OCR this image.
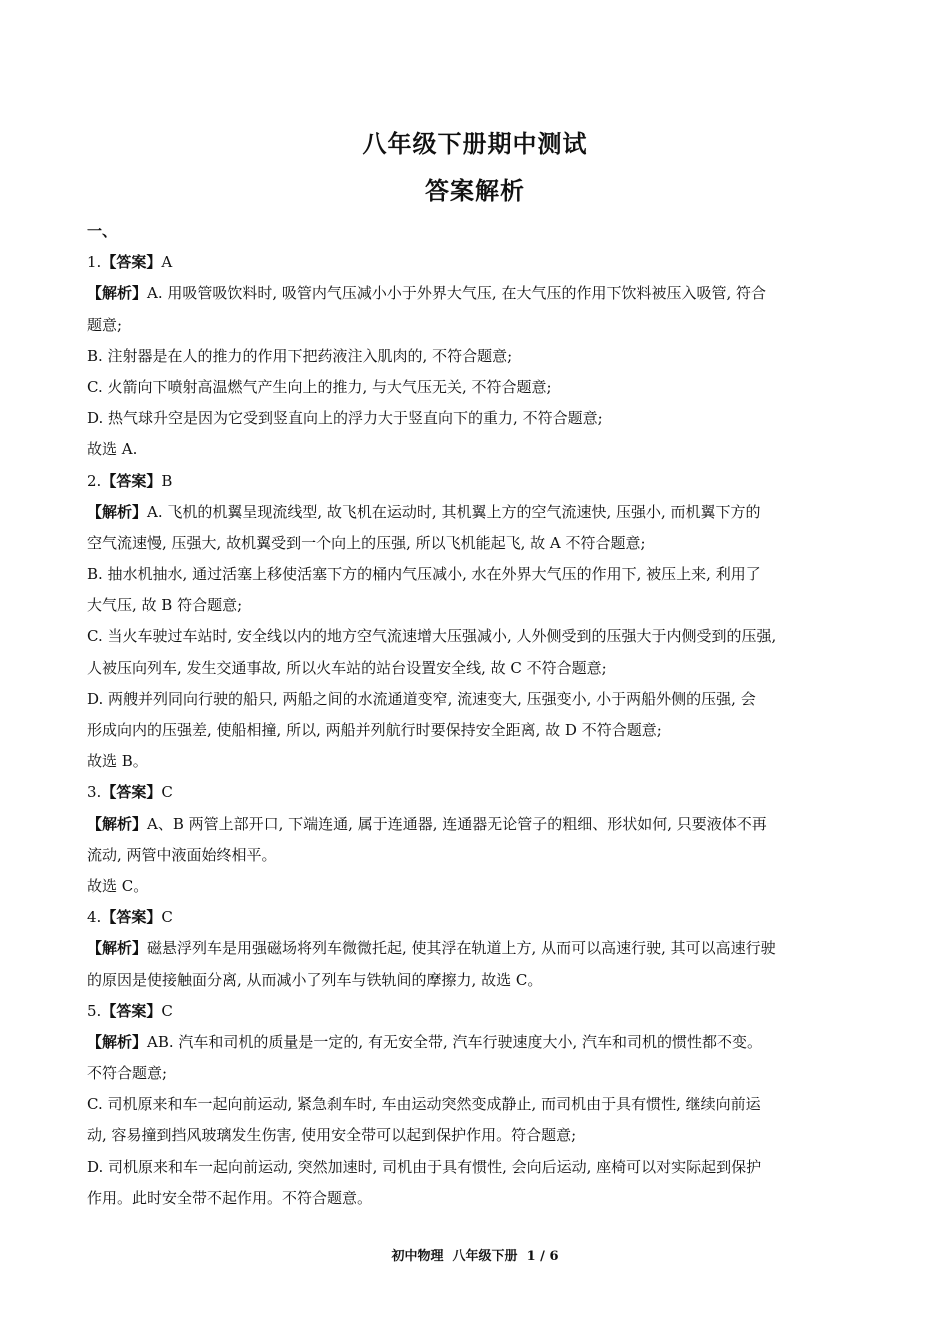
八年级下册期中测试
答案解析
一、
1.【答案】A
【解析】A. 用吸管吸饮料时, 吸管内气压减小小于外界大气压, 在大气压的作用下饮料被压入吸管, 符合
题意;
B. 注射器是在人的推力的作用下把药液注入肌肉的, 不符合题意;
C. 火箭向下喷射高温燃气产生向上的推力, 与大气压无关, 不符合题意;
D. 热气球升空是因为它受到竖直向上的浮力大于竖直向下的重力, 不符合题意;
故选 A.
2.【答案】B
【解析】A. 飞机的机翼呈现流线型, 故飞机在运动时, 其机翼上方的空气流速快, 压强小, 而机翼下方的
空气流速慢, 压强大, 故机翼受到一个向上的压强, 所以飞机能起飞, 故 A 不符合题意;
B. 抽水机抽水, 通过活塞上移使活塞下方的桶内气压减小, 水在外界大气压的作用下, 被压上来, 利用了
大气压, 故 B 符合题意;
C. 当火车驶过车站时, 安全线以内的地方空气流速增大压强减小, 人外侧受到的压强大于内侧受到的压强,
人被压向列车, 发生交通事故, 所以火车站的站台设置安全线, 故 C 不符合题意;
D. 两艘并列同向行驶的船只, 两船之间的水流通道变窄, 流速变大, 压强变小, 小于两船外侧的压强, 会
形成向内的压强差, 使船相撞, 所以, 两船并列航行时要保持安全距离, 故 D 不符合题意;
故选 B。
3.【答案】C
【解析】A、B 两管上部开口, 下端连通, 属于连通器, 连通器无论管子的粗细、形状如何, 只要液体不再
流动, 两管中液面始终相平。
故选 C。
4.【答案】C
【解析】磁悬浮列车是用强磁场将列车微微托起, 使其浮在轨道上方, 从而可以高速行驶, 其可以高速行驶
的原因是使接触面分离, 从而减小了列车与铁轨间的摩擦力, 故选 C。
5.【答案】C
【解析】AB. 汽车和司机的质量是一定的, 有无安全带, 汽车行驶速度大小, 汽车和司机的惯性都不变。
不符合题意;
C. 司机原来和车一起向前运动, 紧急刹车时, 车由运动突然变成静止, 而司机由于具有惯性, 继续向前运
动, 容易撞到挡风玻璃发生伤害, 使用安全带可以起到保护作用。符合题意;
D. 司机原来和车一起向前运动, 突然加速时, 司机由于具有惯性, 会向后运动, 座椅可以对实际起到保护
作用。此时安全带不起作用。不符合题意。
初中物理  八年级下册  1 / 6
